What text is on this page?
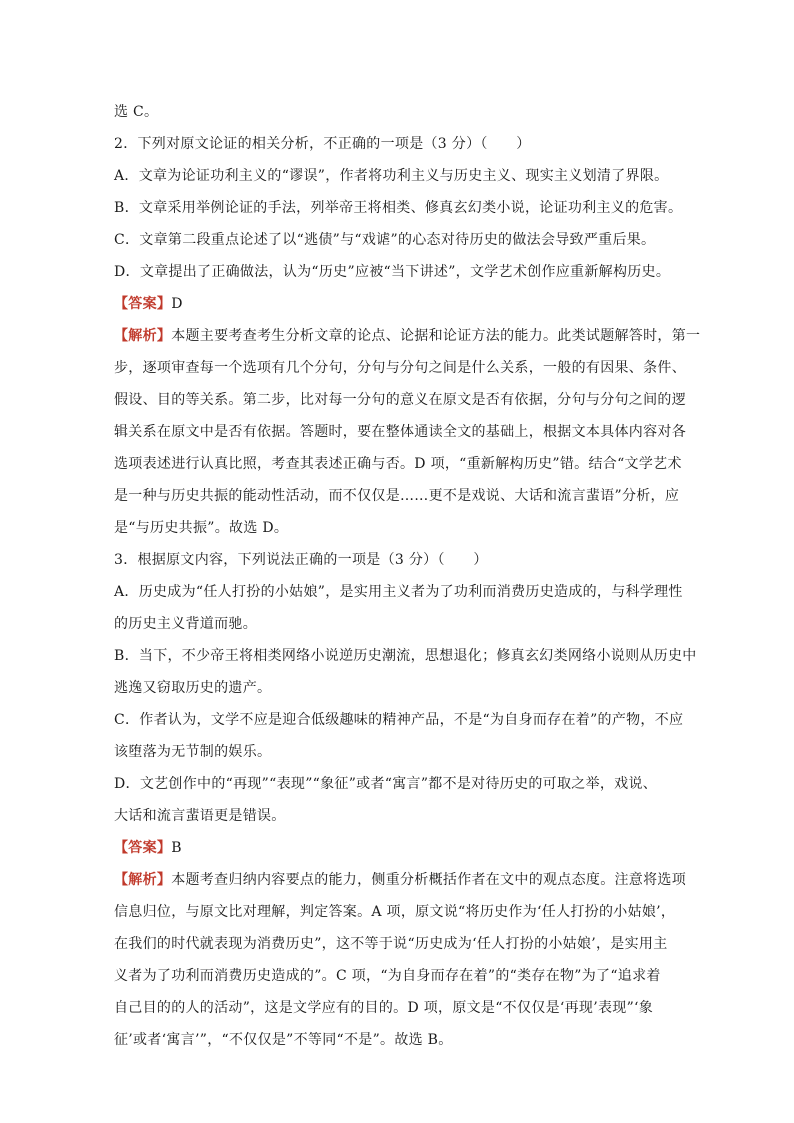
选 C。
2．下列对原文论证的相关分析，不正确的一项是（3 分）（　　）
A．文章为论证功利主义的“谬误”，作者将功利主义与历史主义、现实主义划清了界限。
B．文章采用举例论证的手法，列举帝王将相类、修真玄幻类小说，论证功利主义的危害。
C．文章第二段重点论述了以“逃债”与“戏谑”的心态对待历史的做法会导致严重后果。
D．文章提出了正确做法，认为“历史”应被“当下讲述”，文学艺术创作应重新解构历史。
【答案】D
【解析】本题主要考查考生分析文章的论点、论据和论证方法的能力。此类试题解答时，第一
步，逐项审查每一个选项有几个分句，分句与分句之间是什么关系，一般的有因果、条件、
假设、目的等关系。第二步，比对每一分句的意义在原文是否有依据，分句与分句之间的逻
辑关系在原文中是否有依据。答题时，要在整体通读全文的基础上，根据文本具体内容对各
选项表述进行认真比照，考查其表述正确与否。D 项，“重新解构历史”错。结合“文学艺术
是一种与历史共振的能动性活动，而不仅仅是……更不是戏说、大话和流言蜚语”分析，应
是“与历史共振”。故选 D。
3．根据原文内容，下列说法正确的一项是（3 分）（　　）
A．历史成为“任人打扮的小姑娘”，是实用主义者为了功利而消费历史造成的，与科学理性
的历史主义背道而驰。
B．当下，不少帝王将相类网络小说逆历史潮流，思想退化；修真玄幻类网络小说则从历史中
逃逸又窃取历史的遗产。
C．作者认为，文学不应是迎合低级趣味的精神产品，不是“为自身而存在着”的产物，不应
该堕落为无节制的娱乐。
D．文艺创作中的“再现”“表现”“象征”或者“寓言”都不是对待历史的可取之举，戏说、
大话和流言蜚语更是错误。
【答案】B
【解析】本题考查归纳内容要点的能力，侧重分析概括作者在文中的观点态度。注意将选项
信息归位，与原文比对理解，判定答案。A 项，原文说“将历史作为‘任人打扮的小姑娘’，
在我们的时代就表现为消费历史”，这不等于说“历史成为‘任人打扮的小姑娘’，是实用主
义者为了功利而消费历史造成的”。C 项，“为自身而存在着”的“类存在物”为了“追求着
自己目的的人的活动”，这是文学应有的目的。D 项，原文是“不仅仅是‘再现’表现”‘象
征’或者‘寓言’”，“不仅仅是”不等同“不是”。故选 B。
